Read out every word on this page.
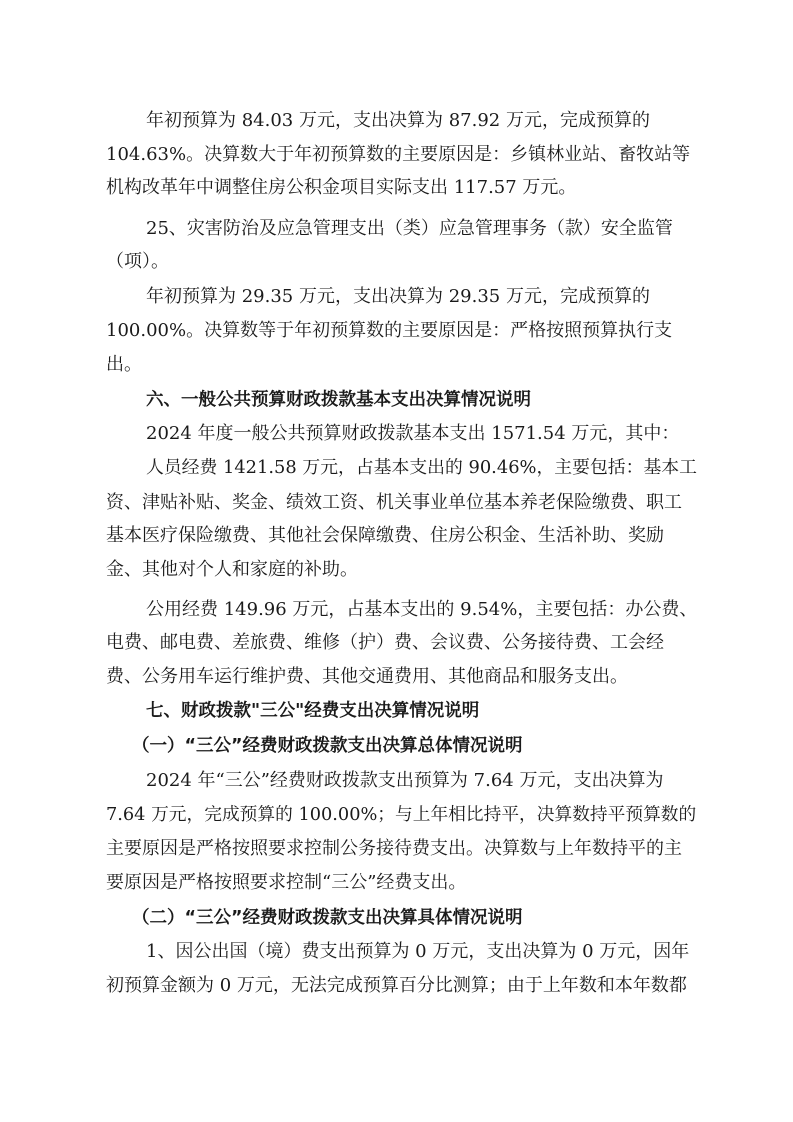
年初预算为 84.03 万元，支出决算为 87.92 万元，完成预算的
104.63%。决算数大于年初预算数的主要原因是：乡镇林业站、畜牧站等
机构改革年中调整住房公积金项目实际支出 117.57 万元。
25、灾害防治及应急管理支出（类）应急管理事务（款）安全监管
（项）。
年初预算为 29.35 万元，支出决算为 29.35 万元，完成预算的
100.00%。决算数等于年初预算数的主要原因是：严格按照预算执行支
出。
六、一般公共预算财政拨款基本支出决算情况说明
2024 年度一般公共预算财政拨款基本支出 1571.54 万元，其中：
人员经费 1421.58 万元，占基本支出的 90.46%，主要包括：基本工
资、津贴补贴、奖金、绩效工资、机关事业单位基本养老保险缴费、职工
基本医疗保险缴费、其他社会保障缴费、住房公积金、生活补助、奖励
金、其他对个人和家庭的补助。
公用经费 149.96 万元，占基本支出的 9.54%，主要包括：办公费、
电费、邮电费、差旅费、维修（护）费、会议费、公务接待费、工会经
费、公务用车运行维护费、其他交通费用、其他商品和服务支出。
七、财政拨款"三公"经费支出决算情况说明
（一）“三公”经费财政拨款支出决算总体情况说明
2024 年“三公”经费财政拨款支出预算为 7.64 万元，支出决算为
7.64 万元，完成预算的 100.00%；与上年相比持平，决算数持平预算数的
主要原因是严格按照要求控制公务接待费支出。决算数与上年数持平的主
要原因是严格按照要求控制“三公”经费支出。
（二）“三公”经费财政拨款支出决算具体情况说明
1、因公出国（境）费支出预算为 0 万元，支出决算为 0 万元，因年
初预算金额为 0 万元，无法完成预算百分比测算；由于上年数和本年数都
